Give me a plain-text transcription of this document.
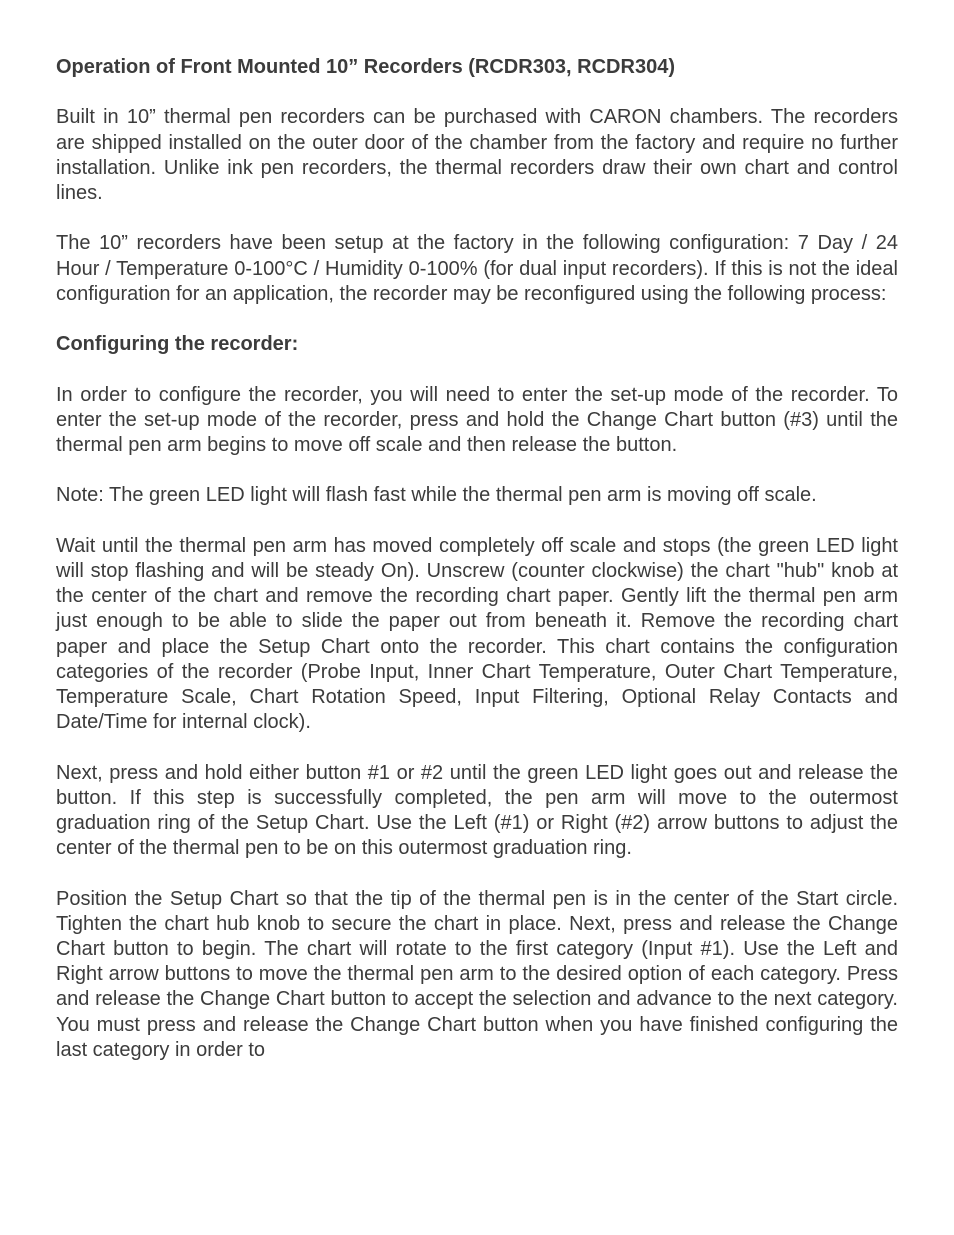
Operation of Front Mounted 10” Recorders (RCDR303, RCDR304)

Built in 10” thermal pen recorders can be purchased with CARON chambers. The recorders are shipped installed on the outer door of the chamber from the factory and require no further installation. Unlike ink pen recorders, the thermal recorders draw their own chart and control lines.

The 10” recorders have been setup at the factory in the following configuration: 7 Day / 24 Hour / Temperature 0-100°C / Humidity 0-100% (for dual input recorders). If this is not the ideal configuration for an application, the recorder may be reconfigured using the following process:

Configuring the recorder:

In order to configure the recorder, you will need to enter the set-up mode of the recorder. To enter the set-up mode of the recorder, press and hold the Change Chart button (#3) until the thermal pen arm begins to move off scale and then release the button.

Note: The green LED light will flash fast while the thermal pen arm is moving off scale.

Wait until the thermal pen arm has moved completely off scale and stops (the green LED light will stop flashing and will be steady On). Unscrew (counter clockwise) the chart "hub" knob at the center of the chart and remove the recording chart paper. Gently lift the thermal pen arm just enough to be able to slide the paper out from beneath it. Remove the recording chart paper and place the Setup Chart onto the recorder. This chart contains the configuration categories of the recorder (Probe Input, Inner Chart Temperature, Outer Chart Temperature, Temperature Scale, Chart Rotation Speed, Input Filtering, Optional Relay Contacts and Date/Time for internal clock).

Next, press and hold either button #1 or #2 until the green LED light goes out and release the button. If this step is successfully completed, the pen arm will move to the outermost graduation ring of the Setup Chart. Use the Left (#1) or Right (#2) arrow buttons to adjust the center of the thermal pen to be on this outermost graduation ring.

Position the Setup Chart so that the tip of the thermal pen is in the center of the Start circle. Tighten the chart hub knob to secure the chart in place. Next, press and release the Change Chart button to begin. The chart will rotate to the first category (Input #1). Use the Left and Right arrow buttons to move the thermal pen arm to the desired option of each category. Press and release the Change Chart button to accept the selection and advance to the next category. You must press and release the Change Chart button when you have finished configuring the last category in order to
